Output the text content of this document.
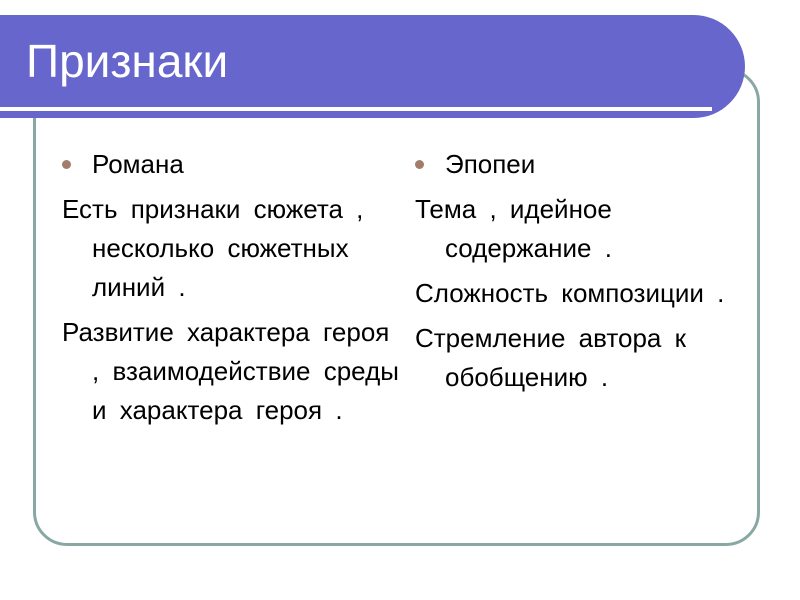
Признаки
Романа
Есть признаки сюжета , несколько сюжетных линий .
Развитие характера героя , взаимодействие среды и характера героя .
Эпопеи
Тема , идейное содержание .
Сложность композиции .
Стремление автора к обобщению .
